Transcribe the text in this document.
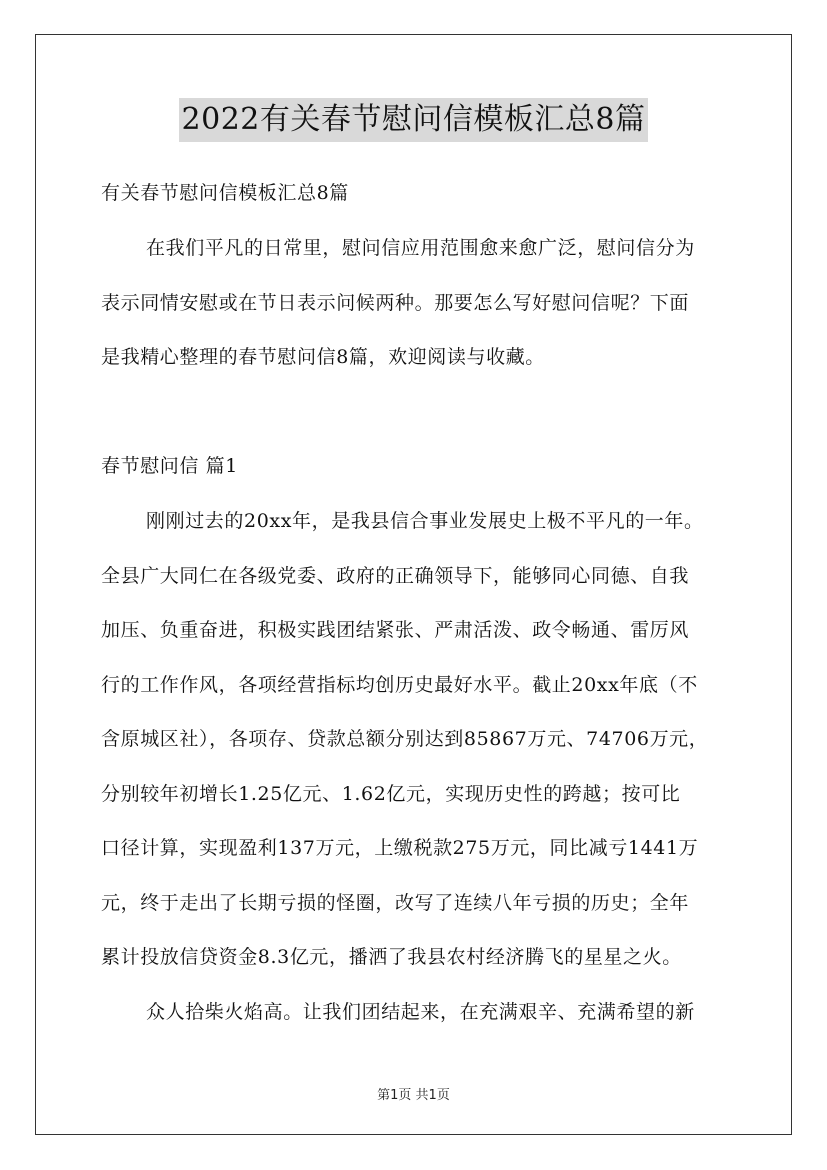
2022有关春节慰问信模板汇总8篇
有关春节慰问信模板汇总8篇
在我们平凡的日常里，慰问信应用范围愈来愈广泛，慰问信分为
表示同情安慰或在节日表示问候两种。那要怎么写好慰问信呢？下面
是我精心整理的春节慰问信8篇，欢迎阅读与收藏。
春节慰问信 篇1
刚刚过去的20xx年，是我县信合事业发展史上极不平凡的一年。
全县广大同仁在各级党委、政府的正确领导下，能够同心同德、自我
加压、负重奋进，积极实践团结紧张、严肃活泼、政令畅通、雷厉风
行的工作作风，各项经营指标均创历史最好水平。截止20xx年底（不
含原城区社），各项存、贷款总额分别达到85867万元、74706万元，
分别较年初增长1.25亿元、1.62亿元，实现历史性的跨越；按可比
口径计算，实现盈利137万元，上缴税款275万元，同比减亏1441万
元，终于走出了长期亏损的怪圈，改写了连续八年亏损的历史；全年
累计投放信贷资金8.3亿元，播洒了我县农村经济腾飞的星星之火。
众人拾柴火焰高。让我们团结起来，在充满艰辛、充满希望的新
第1页 共1页
